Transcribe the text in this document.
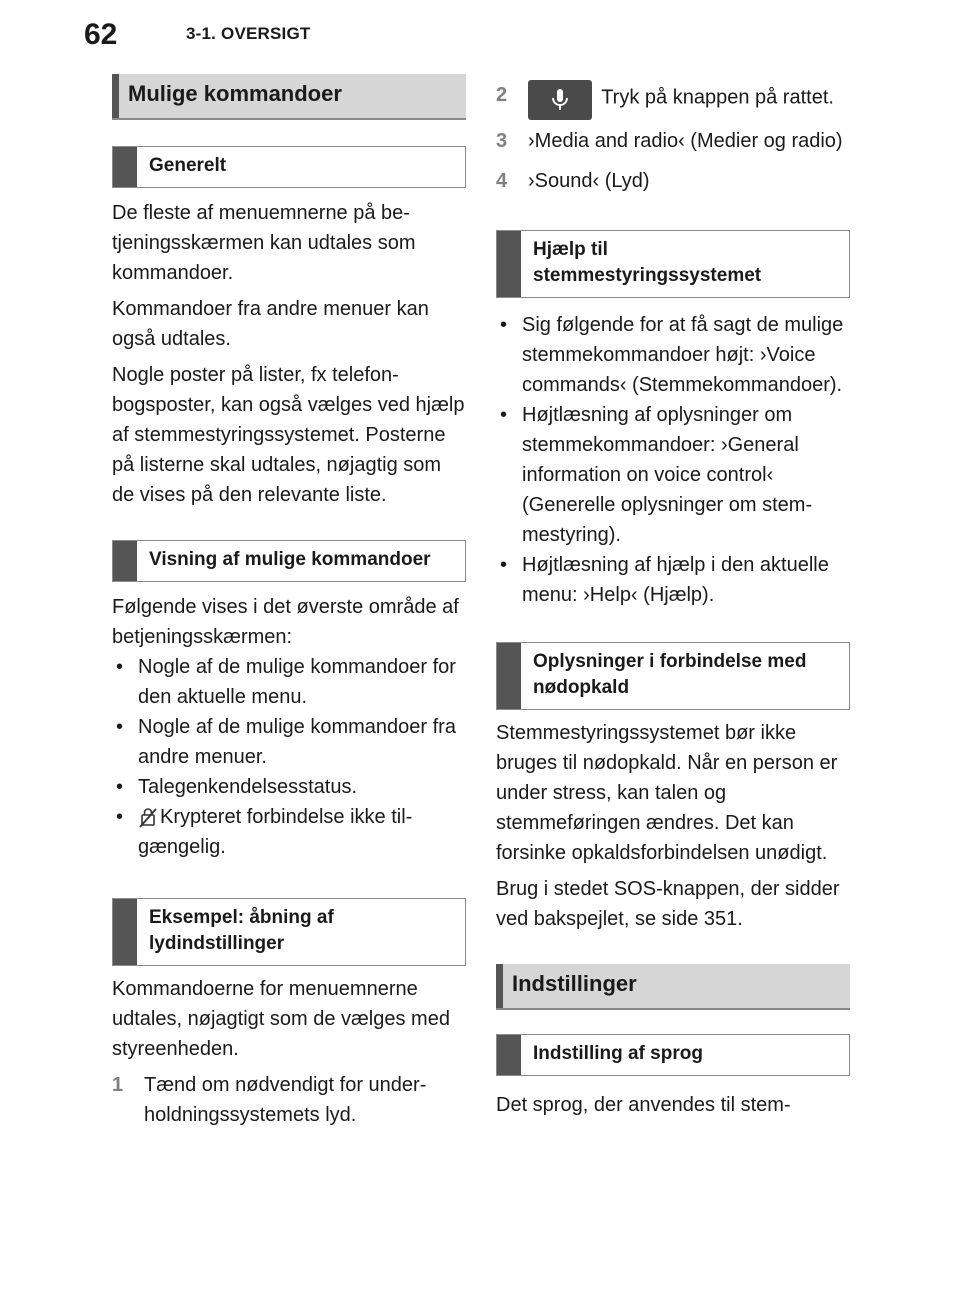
62	3-1. OVERSIGT
Mulige kommandoer
Generelt

De fleste af menuemnerne på betjeningsskærmen kan udtales som kommandoer.

Kommandoer fra andre menuer kan også udtales.

Nogle poster på lister, fx telefonbogsposter, kan også vælges ved hjælp af stemmestyringssystemet. Posterne på listerne skal udtales, nøjagtig som de vises på den relevante liste.

Visning af mulige kommandoer

Følgende vises i det øverste område af betjeningsskærmen:

• Nogle af de mulige kommandoer for den aktuelle menu.
• Nogle af de mulige kommandoer fra andre menuer.
• Talegenkendelsesstatus.
• Krypteret forbindelse ikke tilgængelig.
Eksempel: åbning af lydindstillinger

Kommandoerne for menuemnerne udtales, nøjagtigt som de vælges med styreenheden.

1 Tænd om nødvendigt for underholdningssystemets lyd.
2	Tryk på knappen på rattet.
3 ›Media and radio‹ (Medier og radio)
4 ›Sound‹ (Lyd)
Hjælp til stemmestyringssystemet
• Sig følgende for at få sagt de mulige stemmekommandoer højt: ›Voice commands‹ (Stemmekommandoer).
• Højtlæsning af oplysninger om stemmekommandoer: ›General information on voice control‹ (Generelle oplysninger om stemmestyring).
• Højtlæsning af hjælp i den aktuelle menu: ›Help‹ (Hjælp).
Oplysninger i forbindelse med nødopkald

Stemmestyringssystemet bør ikke bruges til nødopkald. Når en person er under stress, kan talen og stemmeføringen ændres. Det kan forsinke opkaldsforbindelsen unødigt.

Brug i stedet SOS-knappen, der sidder ved bakspejlet, se side 351.

Indstillinger
Indstilling af sprog

Det sprog, der anvendes til stem-
